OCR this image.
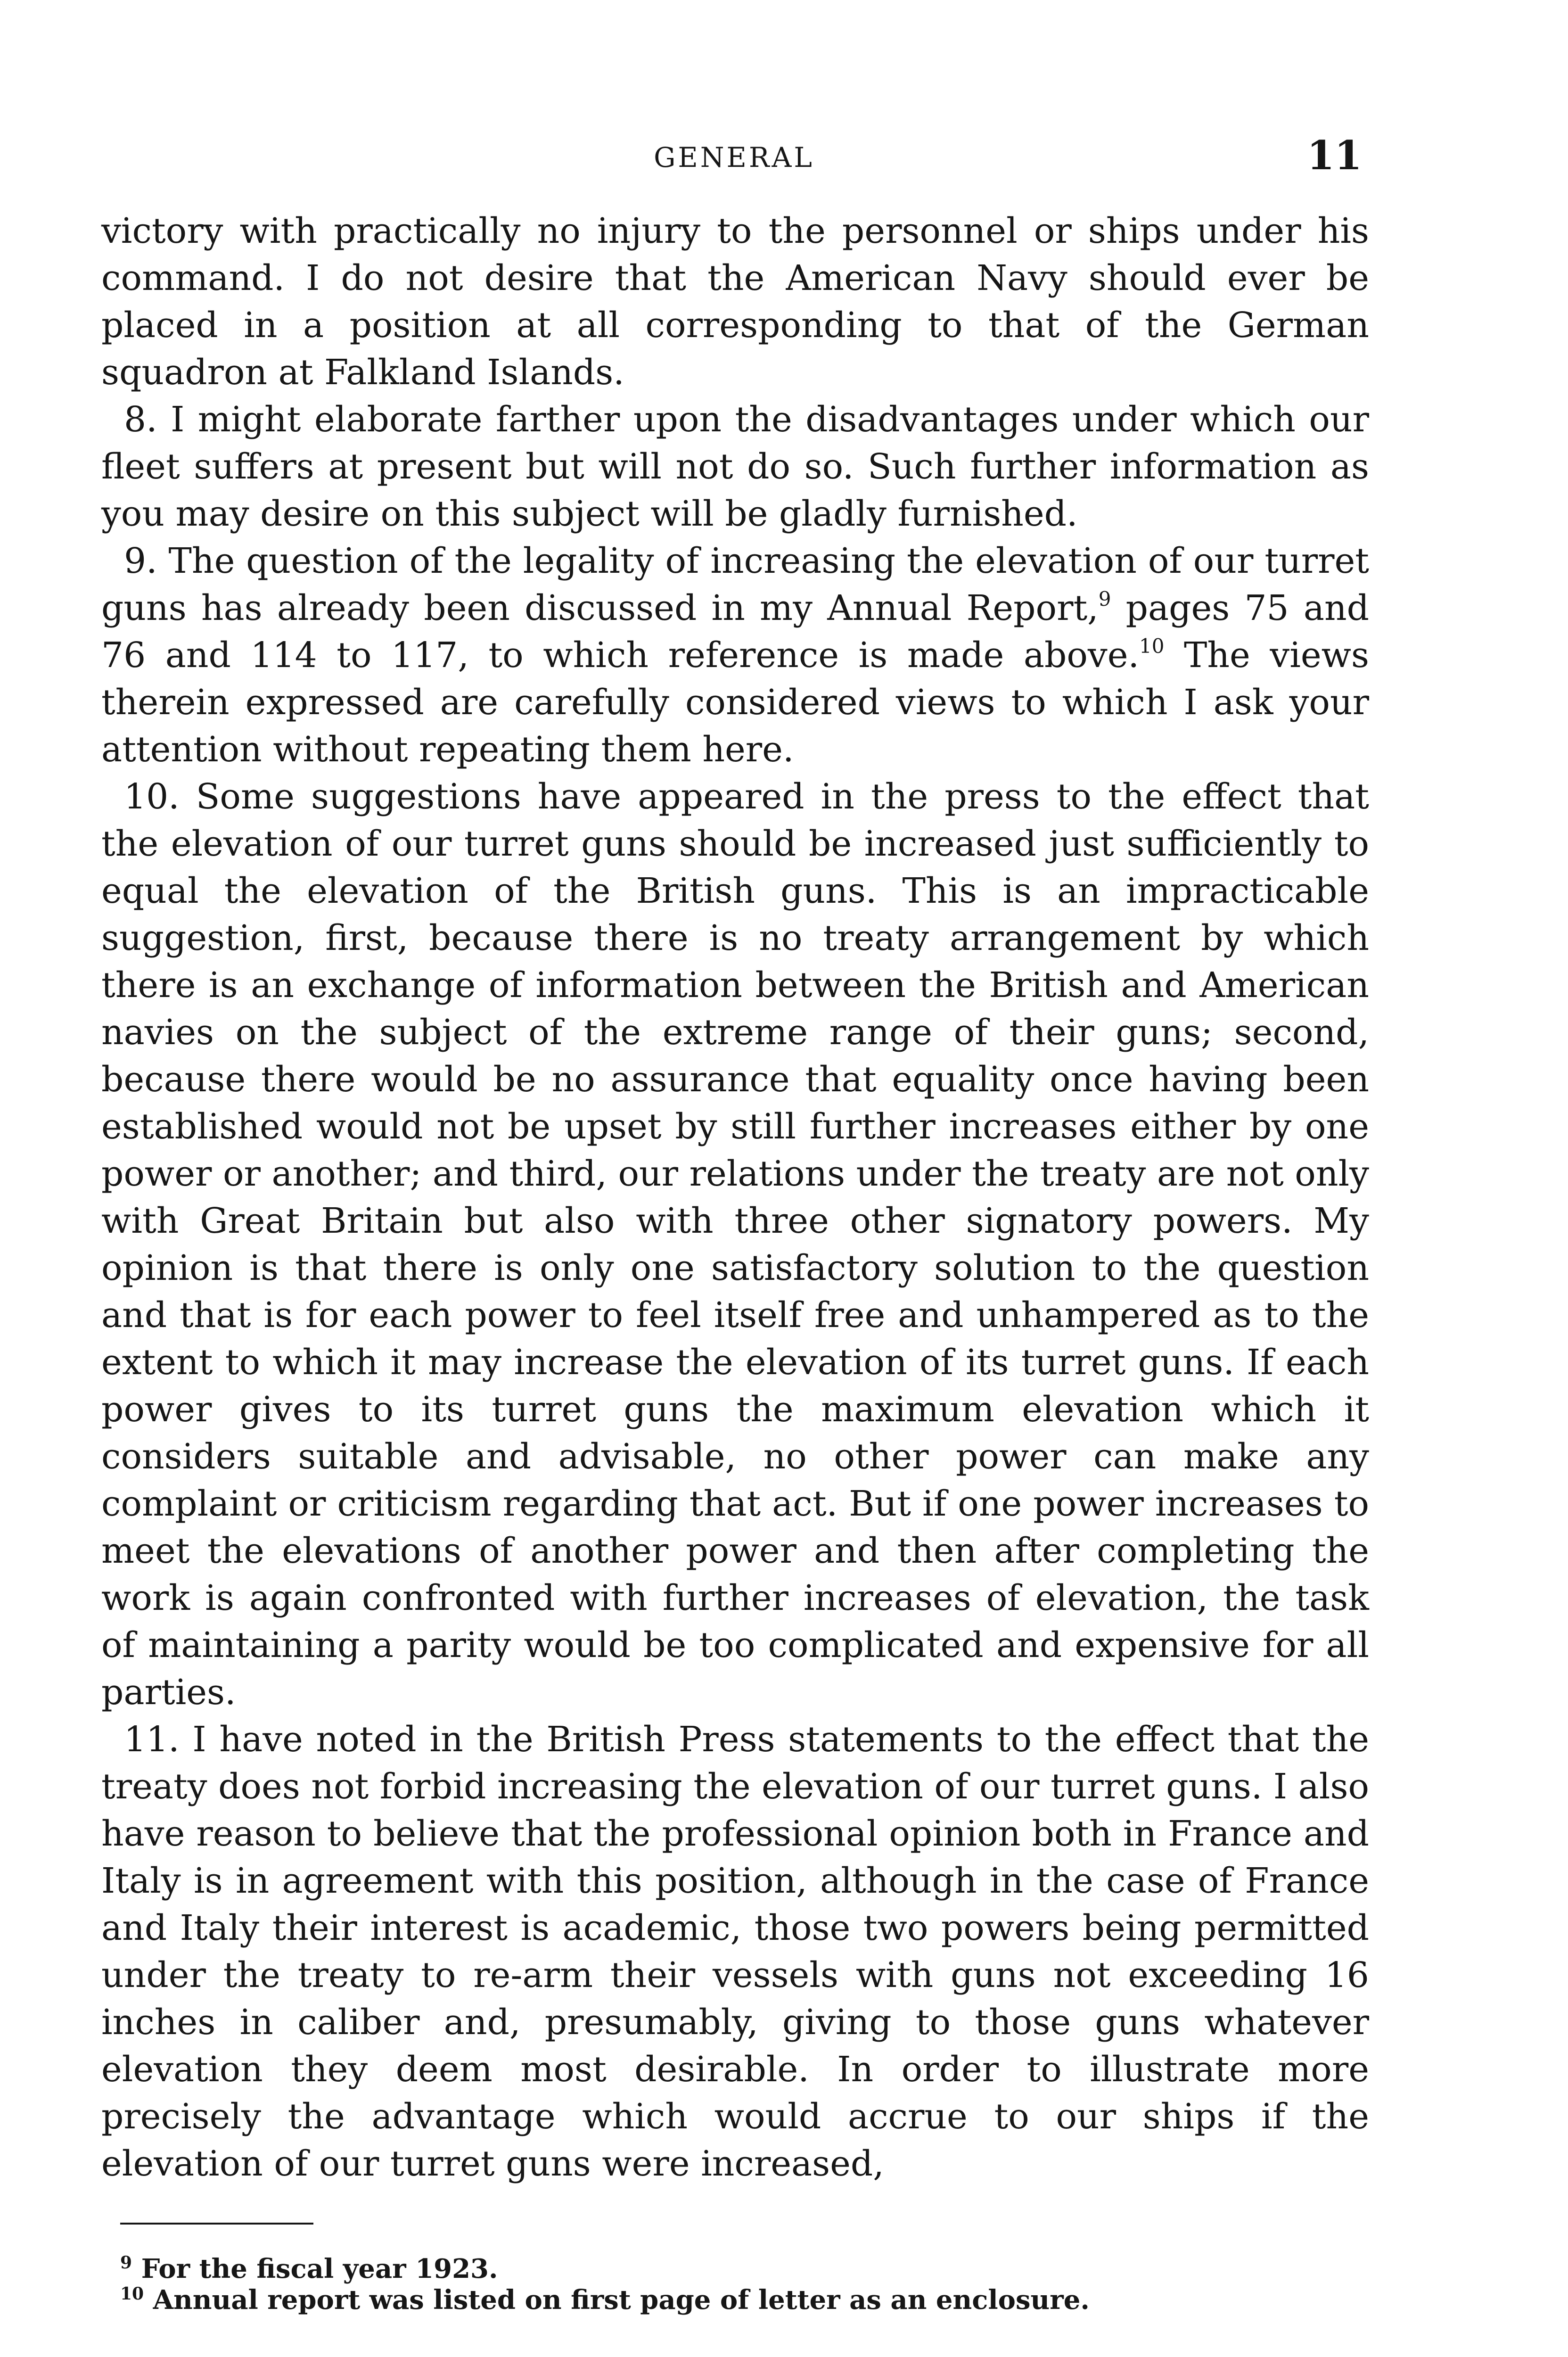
GENERAL	11

victory with practically no injury to the personnel or ships under his command. I do not desire that the American Navy should ever be placed in a position at all corresponding to that of the German squadron at Falkland Islands.

8. I might elaborate farther upon the disadvantages under which our fleet suffers at present but will not do so. Such further information as you may desire on this subject will be gladly furnished.

9. The question of the legality of increasing the elevation of our turret guns has already been discussed in my Annual Report,$^9$ pages 75 and 76 and 114 to 117, to which reference is made above.$^{10}$ The views therein expressed are carefully considered views to which I ask your attention without repeating them here.

10. Some suggestions have appeared in the press to the effect that the elevation of our turret guns should be increased just sufficiently to equal the elevation of the British guns. This is an impracticable suggestion, first, because there is no treaty arrangement by which there is an exchange of information between the British and American navies on the subject of the extreme range of their guns; second, because there would be no assurance that equality once having been established would not be upset by still further increases either by one power or another; and third, our relations under the treaty are not only with Great Britain but also with three other signatory powers. My opinion is that there is only one satisfactory solution to the question and that is for each power to feel itself free and unhampered as to the extent to which it may increase the elevation of its turret guns. If each power gives to its turret guns the maximum elevation which it considers suitable and advisable, no other power can make any complaint or criticism regarding that act. But if one power increases to meet the elevations of another power and then after completing the work is again confronted with further increases of elevation, the task of maintaining a parity would be too complicated and expensive for all parties.

11. I have noted in the British Press statements to the effect that the treaty does not forbid increasing the elevation of our turret guns. I also have reason to believe that the professional opinion both in France and Italy is in agreement with this position, although in the case of France and Italy their interest is academic, those two powers being permitted under the treaty to re-arm their vessels with guns not exceeding 16 inches in caliber and, presumably, giving to those guns whatever elevation they deem most desirable. In order to illustrate more precisely the advantage which would accrue to our ships if the elevation of our turret guns were increased,

$^9$ For the fiscal year 1923.

$^{10}$ Annual report was listed on first page of letter as an enclosure.
